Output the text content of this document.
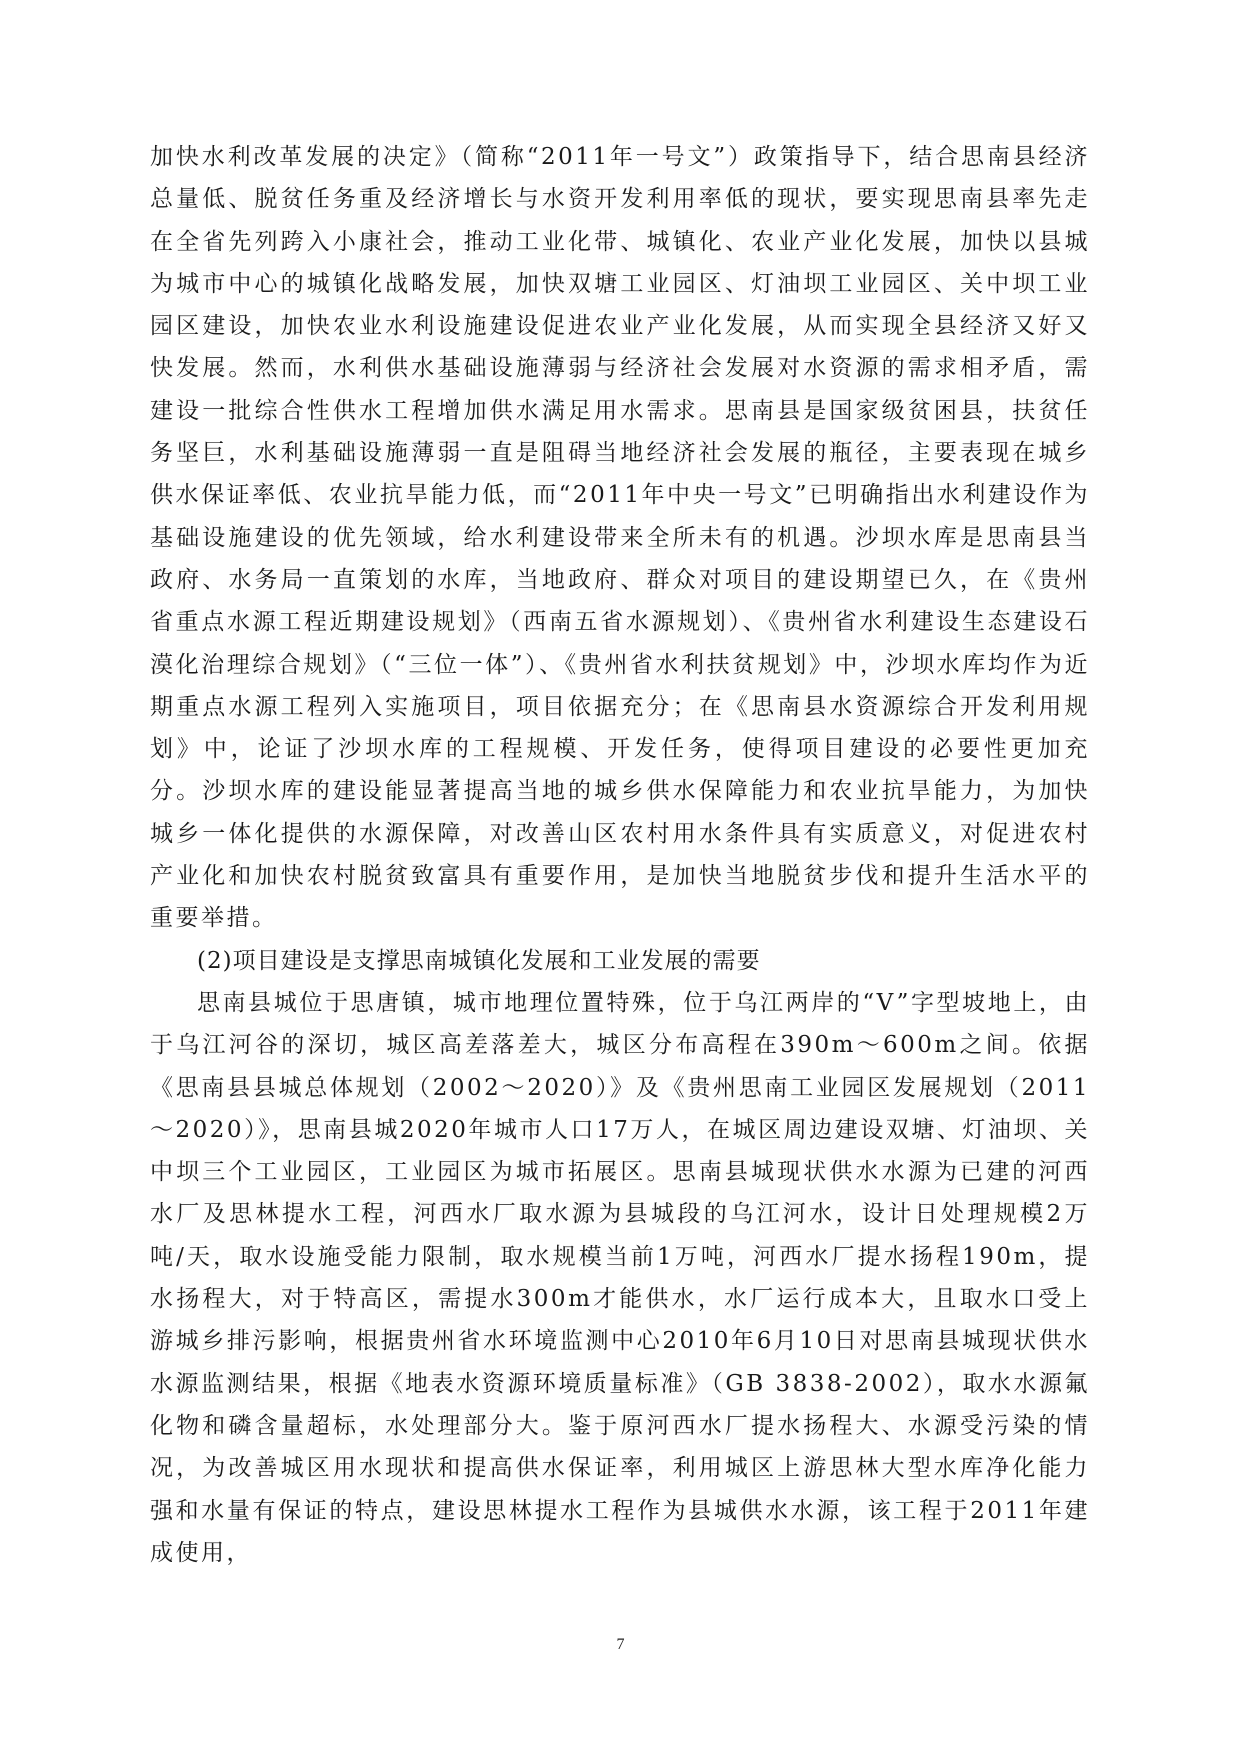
加快水利改革发展的决定》（简称“2011年一号文”）政策指导下，结合思南县经济总量低、脱贫任务重及经济增长与水资开发利用率低的现状，要实现思南县率先走在全省先列跨入小康社会，推动工业化带、城镇化、农业产业化发展，加快以县城为城市中心的城镇化战略发展，加快双塘工业园区、灯油坝工业园区、关中坝工业园区建设，加快农业水利设施建设促进农业产业化发展，从而实现全县经济又好又快发展。然而，水利供水基础设施薄弱与经济社会发展对水资源的需求相矛盾，需建设一批综合性供水工程增加供水满足用水需求。思南县是国家级贫困县，扶贫任务坚巨，水利基础设施薄弱一直是阻碍当地经济社会发展的瓶径，主要表现在城乡供水保证率低、农业抗旱能力低，而“2011年中央一号文”已明确指出水利建设作为基础设施建设的优先领域，给水利建设带来全所未有的机遇。沙坝水库是思南县当政府、水务局一直策划的水库，当地政府、群众对项目的建设期望已久，在《贵州省重点水源工程近期建设规划》（西南五省水源规划）、《贵州省水利建设生态建设石漠化治理综合规划》（“三位一体”）、《贵州省水利扶贫规划》中，沙坝水库均作为近期重点水源工程列入实施项目，项目依据充分；在《思南县水资源综合开发利用规划》中，论证了沙坝水库的工程规模、开发任务，使得项目建设的必要性更加充分。沙坝水库的建设能显著提高当地的城乡供水保障能力和农业抗旱能力，为加快城乡一体化提供的水源保障，对改善山区农村用水条件具有实质意义，对促进农村产业化和加快农村脱贫致富具有重要作用，是加快当地脱贫步伐和提升生活水平的重要举措。

(2)项目建设是支撑思南城镇化发展和工业发展的需要

思南县城位于思唐镇，城市地理位置特殊，位于乌江两岸的“V”字型坡地上，由于乌江河谷的深切，城区高差落差大，城区分布高程在390m～600m之间。依据《思南县县城总体规划（2002～2020）》及《贵州思南工业园区发展规划（2011～2020）》，思南县城2020年城市人口17万人，在城区周边建设双塘、灯油坝、关中坝三个工业园区，工业园区为城市拓展区。思南县城现状供水水源为已建的河西水厂及思林提水工程，河西水厂取水源为县城段的乌江河水，设计日处理规模2万吨/天，取水设施受能力限制，取水规模当前1万吨，河西水厂提水扬程190m，提水扬程大，对于特高区，需提水300m才能供水，水厂运行成本大，且取水口受上游城乡排污影响，根据贵州省水环境监测中心2010年6月10日对思南县城现状供水水源监测结果，根据《地表水资源环境质量标准》（GB 3838-2002），取水水源氟化物和磷含量超标，水处理部分大。鉴于原河西水厂提水扬程大、水源受污染的情况，为改善城区用水现状和提高供水保证率，利用城区上游思林大型水库净化能力强和水量有保证的特点，建设思林提水工程作为县城供水水源，该工程于2011年建成使用，

7
